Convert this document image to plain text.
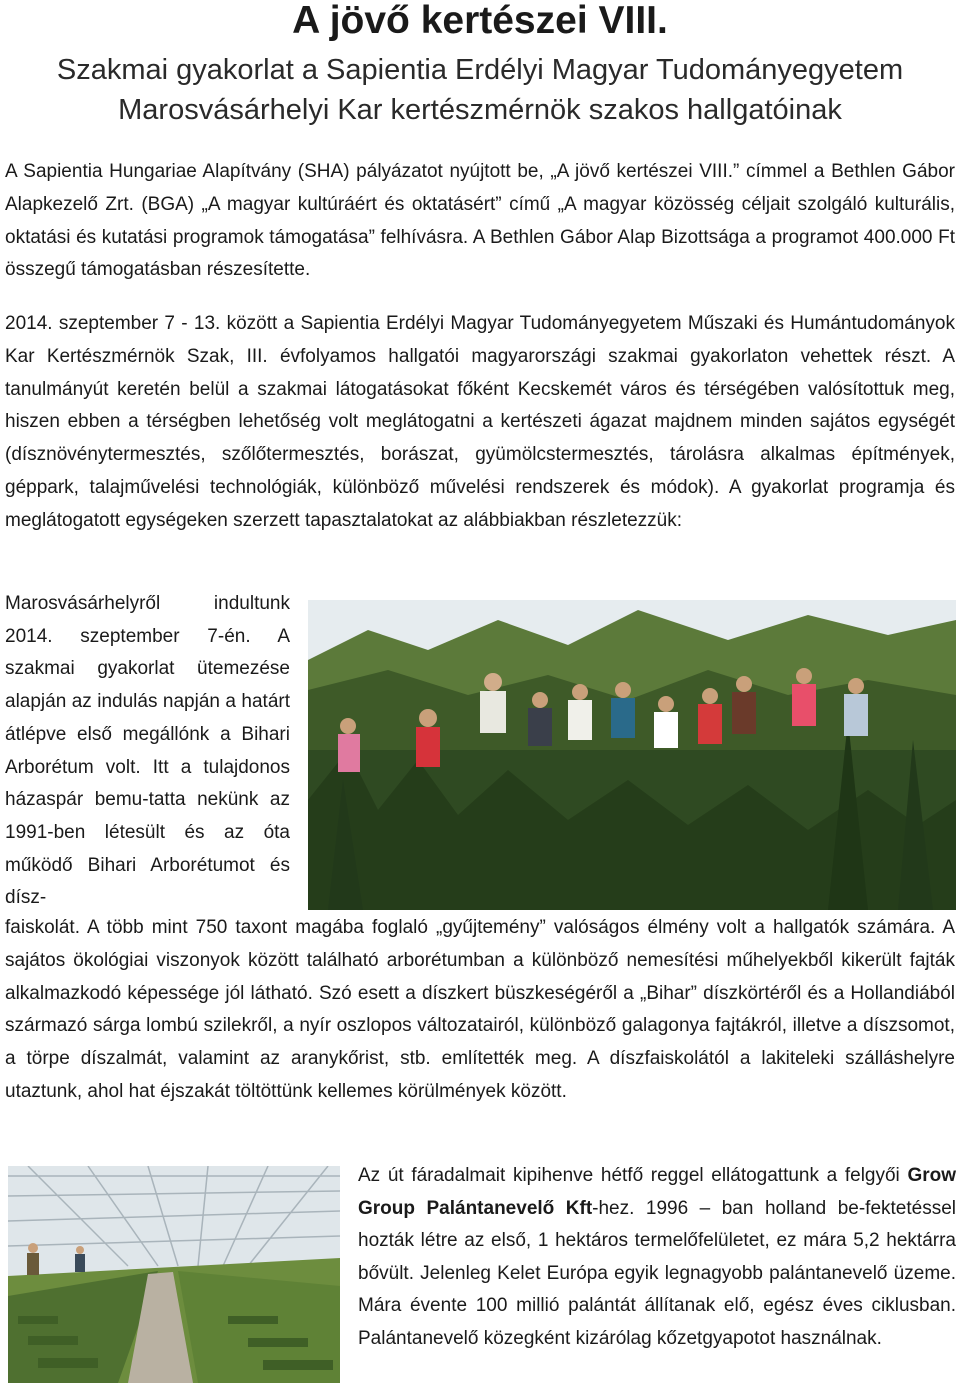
A jövő kertészei VIII.
Szakmai gyakorlat a Sapientia Erdélyi Magyar Tudományegyetem
Marosvásárhelyi Kar kertészmérnök szakos hallgatóinak

A Sapientia Hungariae Alapítvány (SHA) pályázatot nyújtott be, „A jövő kertészei VIII.” címmel a Bethlen Gábor Alapkezelő Zrt. (BGA) „A magyar kultúráért és oktatásért” című „A magyar közösség céljait szolgáló kulturális, oktatási és kutatási programok támogatása” felhívásra. A Bethlen Gábor Alap Bizottsága a programot 400.000 Ft összegű támogatásban részesítette.

2014. szeptember 7 - 13. között a Sapientia Erdélyi Magyar Tudományegyetem Műszaki és Humántudományok Kar Kertészmérnök Szak, III. évfolyamos hallgatói magyarországi szakmai gyakorlaton vehettek részt. A tanulmányút keretén belül a szakmai látogatásokat főként Kecskemét város és térségében valósítottuk meg, hiszen ebben a térségben lehetőség volt meglátogatni a kertészeti ágazat majdnem minden sajátos egységét (dísznövénytermesztés, szőlőtermesztés, borászat, gyümölcstermesztés, tárolásra alkalmas építmények, géppark, talajművelési technológiák, különböző művelési rendszerek és módok). A gyakorlat programja és meglátogatott egységeken szerzett tapasztalatokat az alábbiakban részletezzük:

Marosvásárhelyről indultunk 2014. szeptember 7-én. A szakmai gyakorlat ütemezése alapján az indulás napján a határt átlépve első megállónk a Bihari Arborétum volt. Itt a tulajdonos házaspár bemu-tatta nekünk az 1991-ben létesült és az óta működő Bihari Arborétumot és dísz-

faiskolát. A több mint 750 taxont magába foglaló „gyűjtemény” valóságos élmény volt a hallgatók számára. A sajátos ökológiai viszonyok között található arborétumban a különböző nemesítési műhelyekből kikerült fajták alkalmazkodó képessége jól látható. Szó esett a díszkert büszkeségéről a „Bihar” díszkörtéről és a Hollandiából származó sárga lombú szilekről, a nyír oszlopos változatairól, különböző galagonya fajtákról, illetve a díszsomot, a törpe díszalmát, valamint az aranykőrist, stb. említették meg. A díszfaiskolától a lakiteleki szálláshelyre utaztunk, ahol hat éjszakát töltöttünk kellemes körülmények között.

Az út fáradalmait kipihenve hétfő reggel ellátogattunk a felgyői Grow Group Palántanevelő Kft-hez. 1996 – ban holland be-fektetéssel hozták létre az első, 1 hektáros termelőfelületet, ez mára 5,2 hektárra bővült. Jelenleg Kelet Európa egyik legnagyobb palántanevelő üzeme. Mára évente 100 millió palántát állítanak elő, egész éves ciklusban. Palántanevelő közegként kizárólag kőzetgyapotot használnak.
